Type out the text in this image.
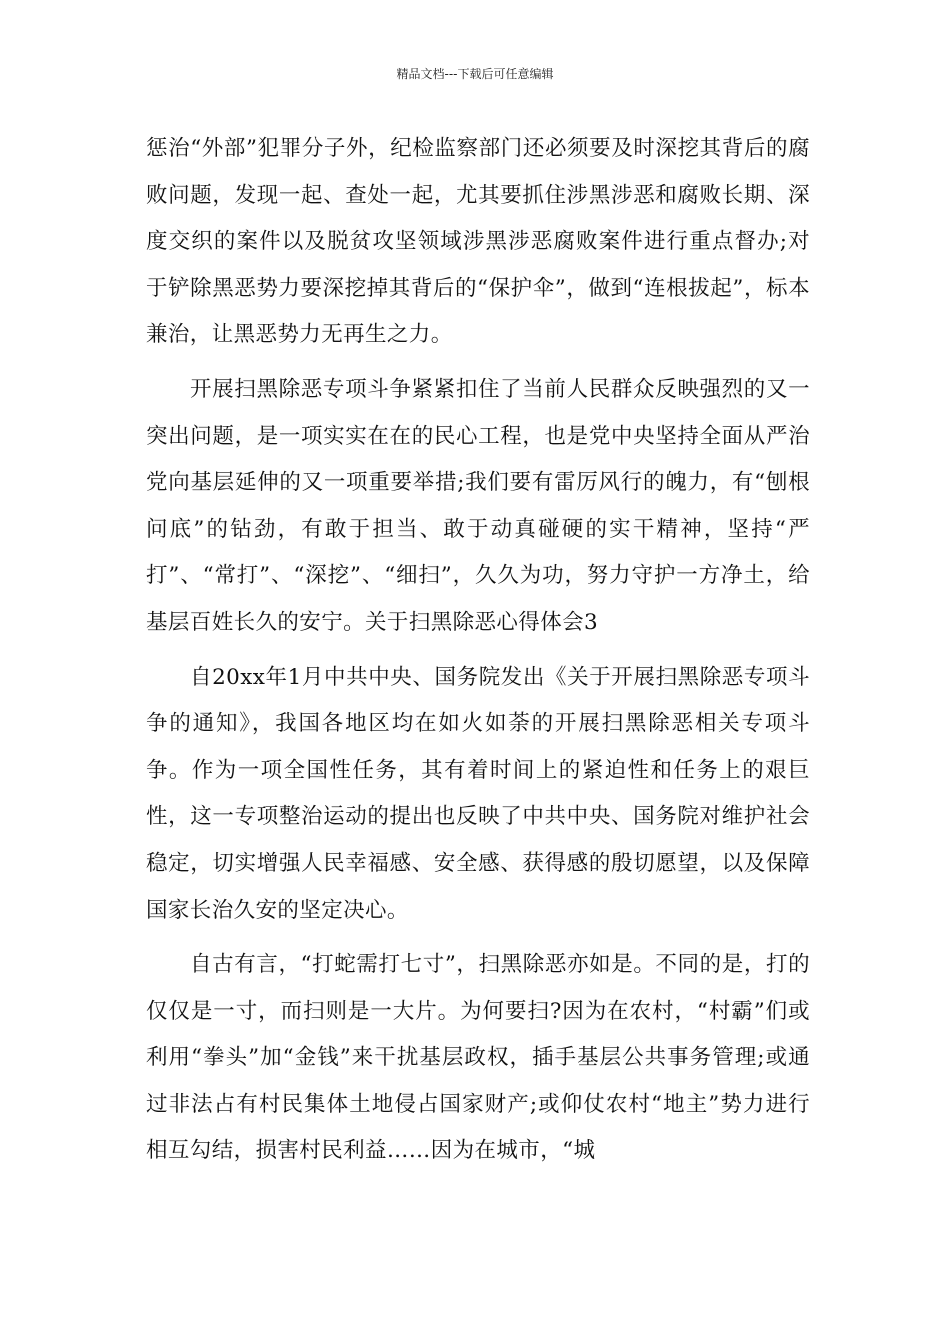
精品文档---下载后可任意编辑

惩治“外部”犯罪分子外，纪检监察部门还必须要及时深挖其背后的腐败问题，发现一起、查处一起，尤其要抓住涉黑涉恶和腐败长期、深度交织的案件以及脱贫攻坚领域涉黑涉恶腐败案件进行重点督办;对于铲除黑恶势力要深挖掉其背后的“保护伞”，做到“连根拔起”，标本兼治，让黑恶势力无再生之力。

开展扫黑除恶专项斗争紧紧扣住了当前人民群众反映强烈的又一突出问题，是一项实实在在的民心工程，也是党中央坚持全面从严治党向基层延伸的又一项重要举措;我们要有雷厉风行的魄力，有“刨根问底”的钻劲，有敢于担当、敢于动真碰硬的实干精神，坚持“严打”、“常打”、“深挖”、“细扫”，久久为功，努力守护一方净土，给基层百姓长久的安宁。关于扫黑除恶心得体会3

自20xx年1月中共中央、国务院发出《关于开展扫黑除恶专项斗争的通知》，我国各地区均在如火如荼的开展扫黑除恶相关专项斗争。作为一项全国性任务，其有着时间上的紧迫性和任务上的艰巨性，这一专项整治运动的提出也反映了中共中央、国务院对维护社会稳定，切实增强人民幸福感、安全感、获得感的殷切愿望，以及保障国家长治久安的坚定决心。

自古有言，“打蛇需打七寸”，扫黑除恶亦如是。不同的是，打的仅仅是一寸，而扫则是一大片。为何要扫?因为在农村，“村霸”们或利用“拳头”加“金钱”来干扰基层政权，插手基层公共事务管理;或通过非法占有村民集体土地侵占国家财产;或仰仗农村“地主”势力进行相互勾结，损害村民利益……因为在城市，“城
